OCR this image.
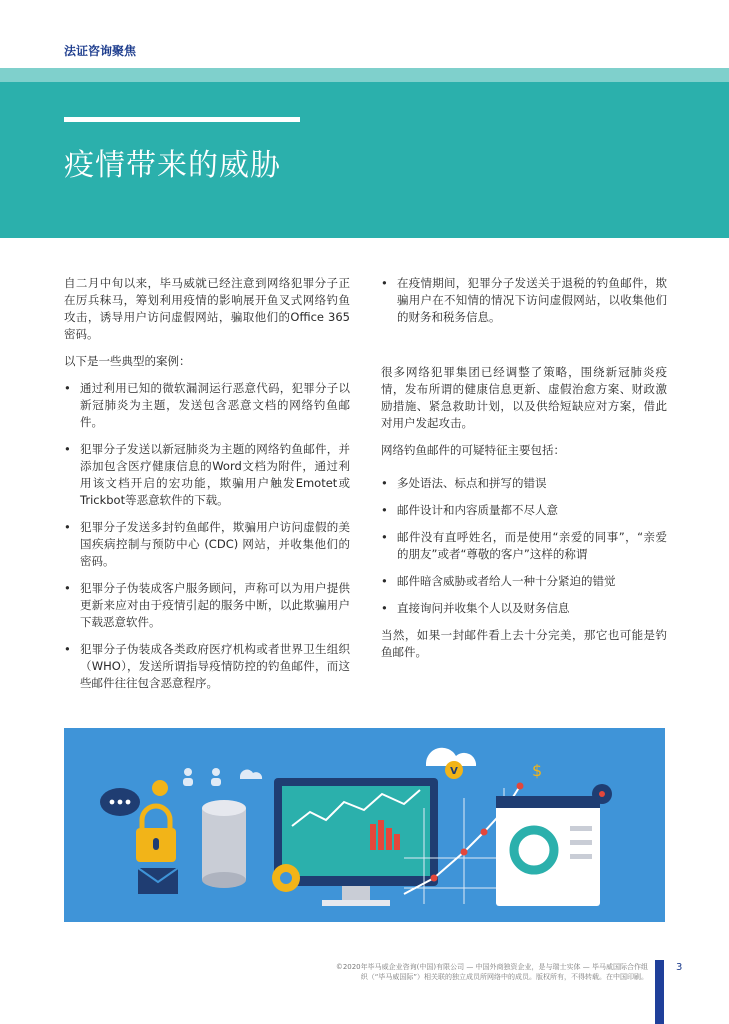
法证咨询聚焦
疫情带来的威胁

自二月中旬以来，毕马威就已经注意到网络犯罪分子正在厉兵秣马，筹划利用疫情的影响展开鱼叉式网络钓鱼攻击，诱导用户访问虚假网站，骗取他们的Office 365密码。

以下是一些典型的案例：

• 通过利用已知的微软漏洞运行恶意代码，犯罪分子以新冠肺炎为主题，发送包含恶意文档的网络钓鱼邮件。
• 犯罪分子发送以新冠肺炎为主题的网络钓鱼邮件，并添加包含医疗健康信息的Word文档为附件，通过利用该文档开启的宏功能，欺骗用户触发Emotet或Trickbot等恶意软件的下载。
• 犯罪分子发送多封钓鱼邮件，欺骗用户访问虚假的美国疾病控制与预防中心 (CDC) 网站，并收集他们的密码。
• 犯罪分子伪装成客户服务顾问，声称可以为用户提供更新来应对由于疫情引起的服务中断，以此欺骗用户下载恶意软件。
• 犯罪分子伪装成各类政府医疗机构或者世界卫生组织（WHO），发送所谓指导疫情防控的钓鱼邮件，而这些邮件往往包含恶意程序。
• 在疫情期间，犯罪分子发送关于退税的钓鱼邮件，欺骗用户在不知情的情况下访问虚假网站，以收集他们的财务和税务信息。

很多网络犯罪集团已经调整了策略，围绕新冠肺炎疫情，发布所谓的健康信息更新、虚假治愈方案、财政激励措施、紧急救助计划，以及供给短缺应对方案，借此对用户发起攻击。

网络钓鱼邮件的可疑特征主要包括：

• 多处语法、标点和拼写的错误
• 邮件设计和内容质量都不尽人意
• 邮件没有直呼姓名，而是使用“亲爱的同事”，“亲爱的朋友”或者“尊敬的客户”这样的称谓
• 邮件暗含威胁或者给人一种十分紧迫的错觉
• 直接询问并收集个人以及财务信息

当然，如果一封邮件看上去十分完美，那它也可能是钓鱼邮件。

V	$
©2020年毕马威企业咨询(中国)有限公司 — 中国外商独资企业，是与瑞士实体 — 毕马威国际合作组织（“毕马威国际”）相关联的独立成员所网络中的成员。版权所有，不得转载。在中国印刷。
3
